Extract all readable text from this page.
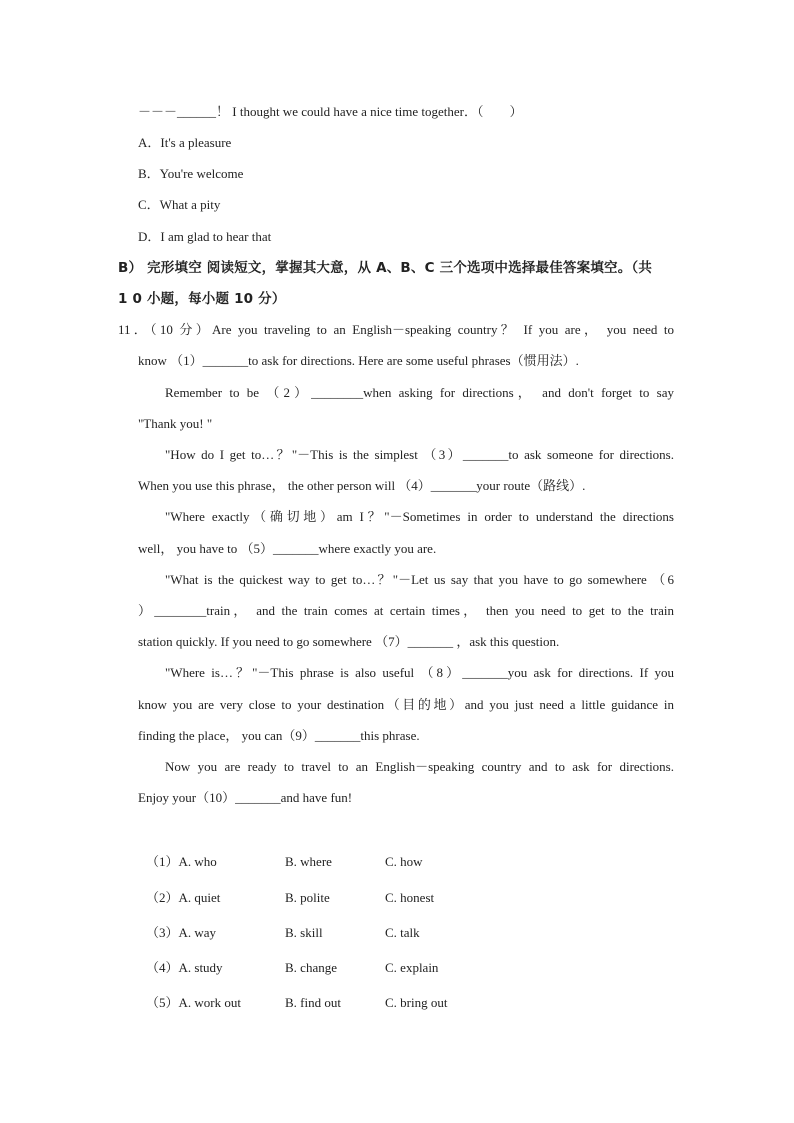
－－－______！ I thought we could have a nice time together．（　　）
A．It's a pleasure
B．You're welcome
C．What a pity
D．I am glad to hear that
B） 完形填空 阅读短文，掌握其大意，从 A、B、C 三个选项中选择最佳答案填空。（共
1 0 小题，每小题 10 分）
11．（10 分）Are you traveling to an English－speaking country？ If you are， you need to
know （1）_______to ask for directions. Here are some useful phrases（惯用法）.
Remember to be （2）________when asking for directions， and don't forget to say
"Thank you! "
"How do I get to…？"－This is the simplest （3）_______to ask someone for directions.
When you use this phrase， the other person will （4）_______your route（路线）.
"Where exactly（确切地）am I？"－Sometimes in order to understand the directions
well， you have to （5）_______where exactly you are.
"What is the quickest way to get to…？"－Let us say that you have to go somewhere （6
）________train， and the train comes at certain times， then you need to get to the train
station quickly. If you need to go somewhere （7）_______ ，ask this question.
"Where is…？"－This phrase is also useful （8）_______you ask for directions. If you
know you are very close to your destination（目的地）and you just need a little guidance in
finding the place， you can（9）_______this phrase.
Now you are ready to travel to an English－speaking country and to ask for directions.
Enjoy your（10）_______and have fun!
（1）A. who	B. where	C. how
（2）A. quiet	B. polite	C. honest
（3）A. way	B. skill	C. talk
（4）A. study	B. change	C. explain
（5）A. work out	B. find out	C. bring out
